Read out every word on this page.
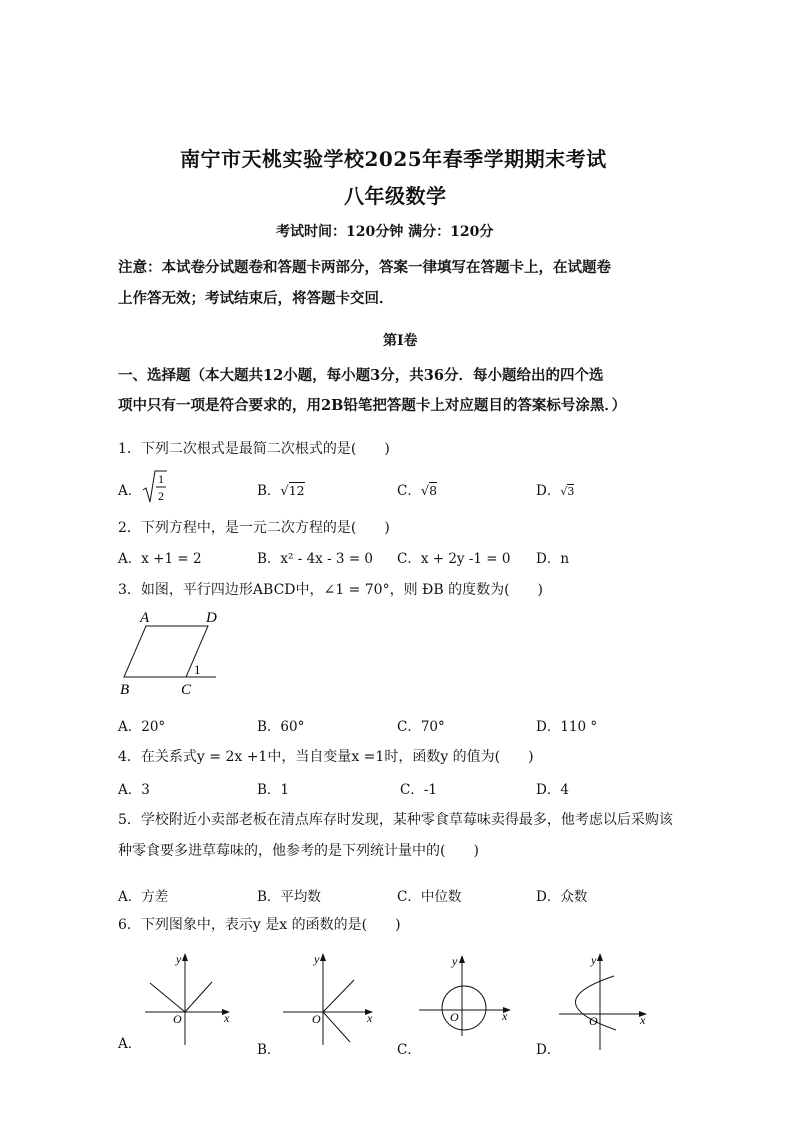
南宁市天桃实验学校2025年春季学期期末考试
八年级数学
考试时间：120分钟 满分：120分
注意：本试卷分试题卷和答题卡两部分，答案一律填写在答题卡上，在试题卷
上作答无效；考试结束后，将答题卡交回．
第Ⅰ卷
一、选择题（本大题共12小题，每小题3分，共36分．每小题给出的四个选
项中只有一项是符合要求的，用2B铅笔把答题卡上对应题目的答案标号涂黑．）
1．下列二次根式是最简二次根式的是(　　)
A．
1
2	B．√12	C．√8	D．√3
2．下列方程中，是一元二次方程的是(　　)
A．x +1 = 2	B．x² - 4x - 3 = 0 C．x + 2y -1 = 0 D．n
3．如图，平行四边形ABCD中，∠1 = 70°，则 ÐB 的度数为(　　)
A	D
B	C
1
A．20°	B．60°	C．70°	D．110 °
4．在关系式y = 2x +1中，当自变量x =1时，函数y 的值为(　　)
A．3	B．1	C．-1	D．4
5．学校附近小卖部老板在清点库存时发现，某种零食草莓味卖得最多，他考虑以后采购该
种零食要多进草莓味的，他参考的是下列统计量中的(　　)
A．方差	B．平均数	C．中位数	D．众数
6．下列图象中，表示y 是x 的函数的是(　　)
y
x
O
A．
y
x
O
B．
y
x
O
C．
y
x
O
D．
